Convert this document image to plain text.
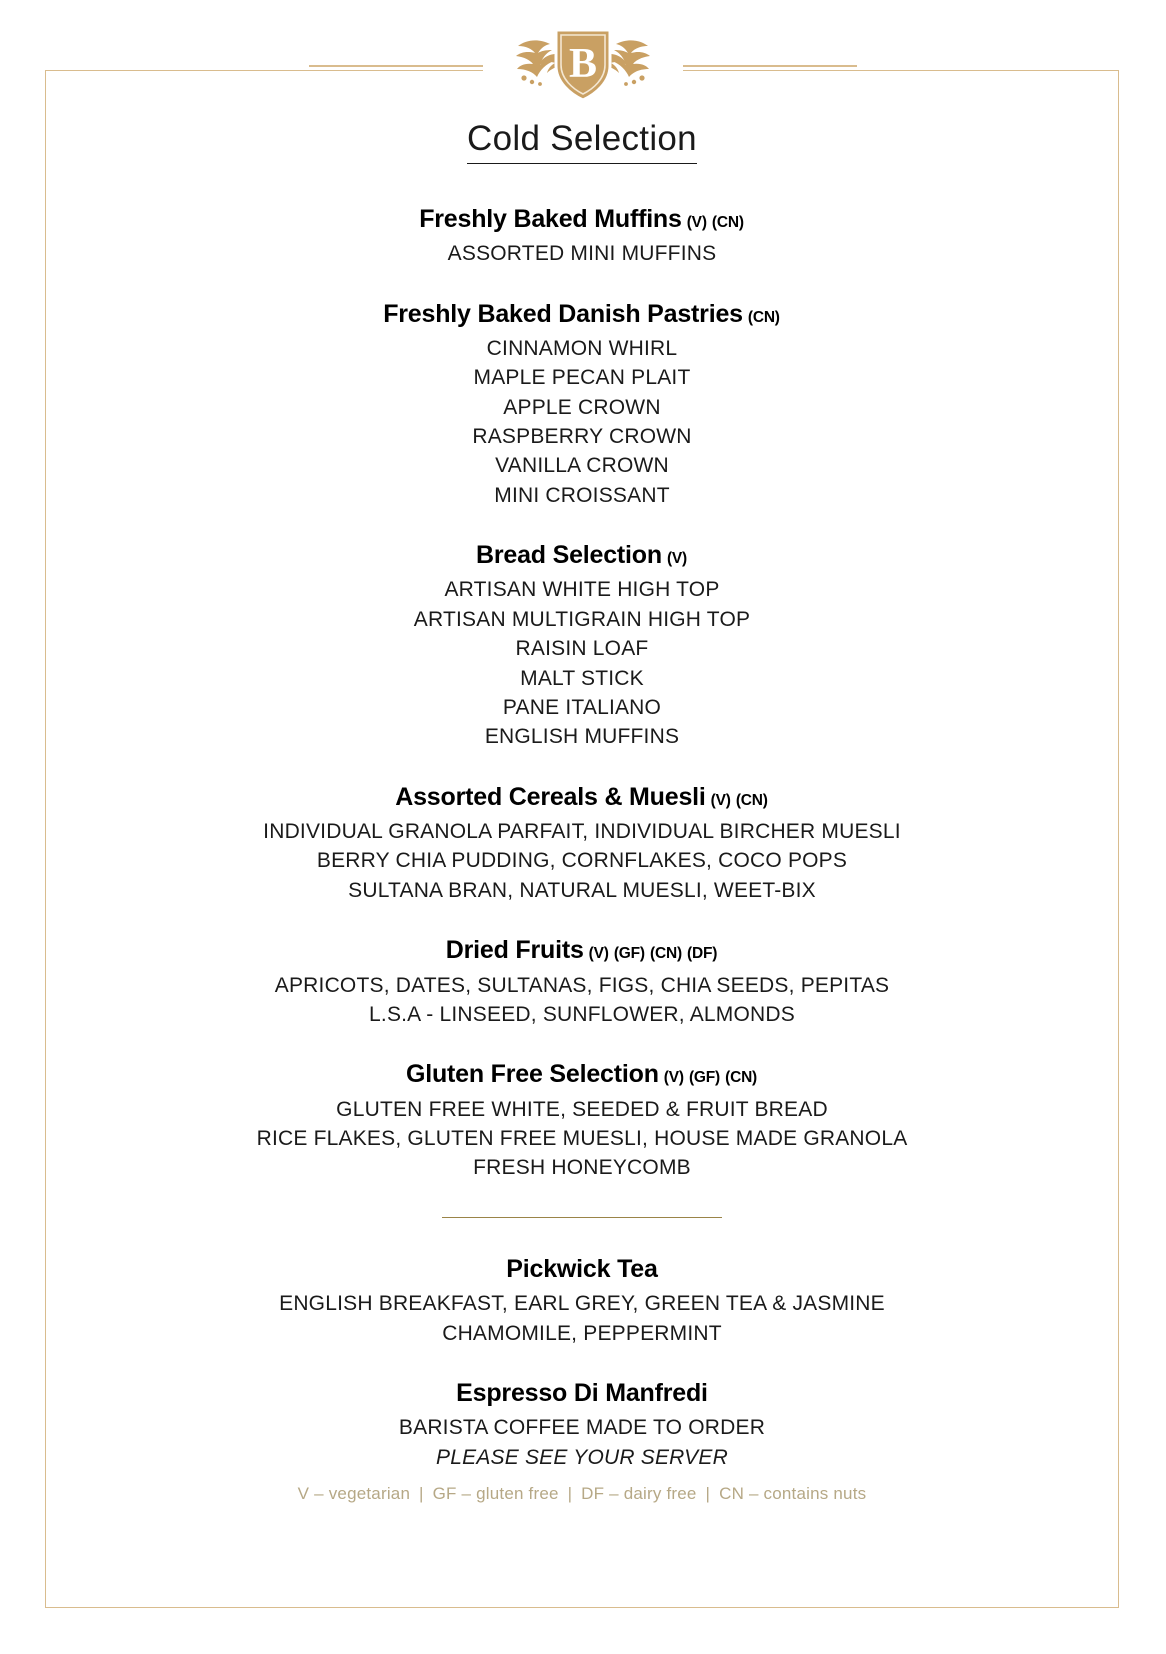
B
Cold Selection
Freshly Baked Muffins (V) (CN)
ASSORTED MINI MUFFINS
Freshly Baked Danish Pastries (CN)
CINNAMON WHIRL
MAPLE PECAN PLAIT
APPLE CROWN
RASPBERRY CROWN
VANILLA CROWN
MINI CROISSANT
Bread Selection (V)
ARTISAN WHITE HIGH TOP
ARTISAN MULTIGRAIN HIGH TOP
RAISIN LOAF
MALT STICK
PANE ITALIANO
ENGLISH MUFFINS
Assorted Cereals & Muesli (V) (CN)
INDIVIDUAL GRANOLA PARFAIT, INDIVIDUAL BIRCHER MUESLI
BERRY CHIA PUDDING, CORNFLAKES, COCO POPS
SULTANA BRAN, NATURAL MUESLI, WEET-BIX
Dried Fruits (V) (GF) (CN) (DF)
APRICOTS, DATES, SULTANAS, FIGS, CHIA SEEDS, PEPITAS
L.S.A - LINSEED, SUNFLOWER, ALMONDS
Gluten Free Selection (V) (GF) (CN)
GLUTEN FREE WHITE, SEEDED & FRUIT BREAD
RICE FLAKES, GLUTEN FREE MUESLI, HOUSE MADE GRANOLA
FRESH HONEYCOMB
Pickwick Tea
ENGLISH BREAKFAST, EARL GREY, GREEN TEA & JASMINE
CHAMOMILE, PEPPERMINT
Espresso Di Manfredi
BARISTA COFFEE MADE TO ORDER
PLEASE SEE YOUR SERVER
V – vegetarian | GF – gluten free | DF – dairy free | CN – contains nuts
